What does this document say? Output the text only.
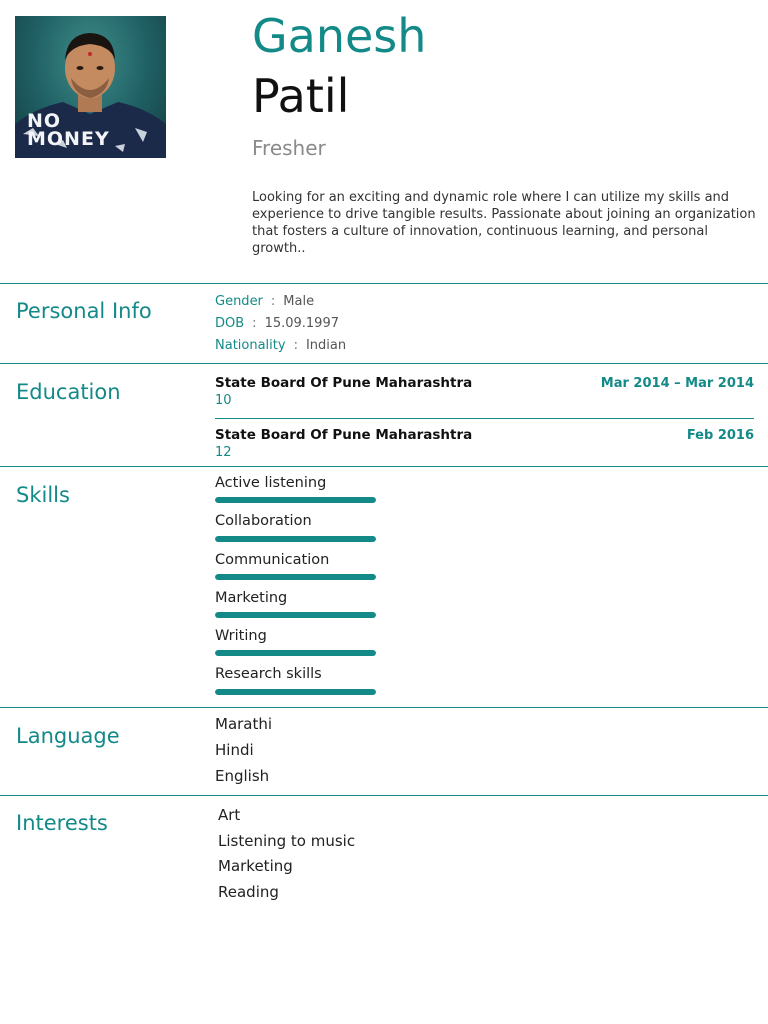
NO MONEY
Ganesh
Patil
Fresher
Looking for an exciting and dynamic role where I can utilize my skills and experience to drive tangible results. Passionate about joining an organization that fosters a culture of innovation, continuous learning, and personal growth..
Personal Info	Gender : Male
DOB : 15.09.1997
Nationality : Indian
Education	State Board Of Pune Maharashtra	Mar 2014 – Mar 2014
10
State Board Of Pune Maharashtra	Feb 2016
12
Skills	Active listening
Collaboration
Communication
Marketing
Writing
Research skills
Language	Marathi
Hindi
English
Interests	Art
Listening to music
Marketing
Reading
